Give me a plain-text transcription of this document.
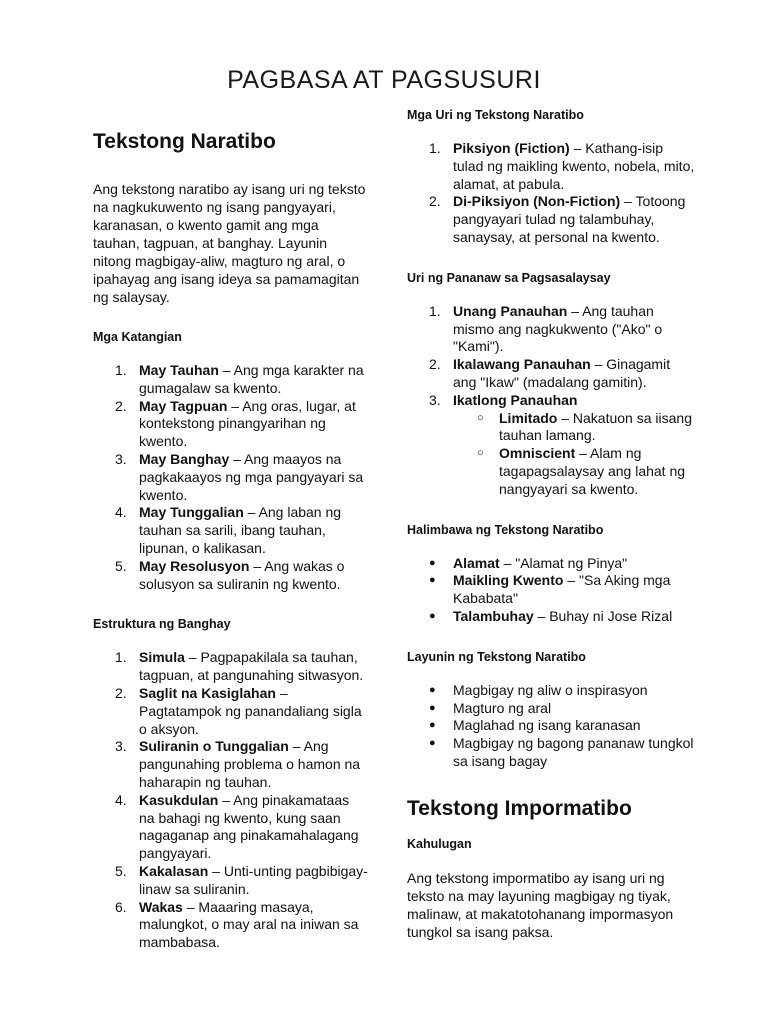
PAGBASA AT PAGSUSURI
Tekstong Naratibo

Ang tekstong naratibo ay isang uri ng teksto na nagkukuwento ng isang pangyayari, karanasan, o kwento gamit ang mga tauhan, tagpuan, at banghay. Layunin nitong magbigay-aliw, magturo ng aral, o ipahayag ang isang ideya sa pamamagitan ng salaysay.

Mga Katangian
1. May Tauhan – Ang mga karakter na gumagalaw sa kwento.
2. May Tagpuan – Ang oras, lugar, at kontekstong pinangyarihan ng kwento.
3. May Banghay – Ang maayos na pagkakaayos ng mga pangyayari sa kwento.
4. May Tunggalian – Ang laban ng tauhan sa sarili, ibang tauhan, lipunan, o kalikasan.
5. May Resolusyon – Ang wakas o solusyon sa suliranin ng kwento.
Estruktura ng Banghay
1. Simula – Pagpapakilala sa tauhan, tagpuan, at pangunahing sitwasyon.
2. Saglit na Kasiglahan – Pagtatampok ng panandaliang sigla o aksyon.
3. Suliranin o Tunggalian – Ang pangunahing problema o hamon na haharapin ng tauhan.
4. Kasukdulan – Ang pinakamataas na bahagi ng kwento, kung saan nagaganap ang pinakamahalagang pangyayari.
5. Kakalasan – Unti-unting pagbibigay-linaw sa suliranin.
6. Wakas – Maaaring masaya, malungkot, o may aral na iniwan sa mambabasa.
Mga Uri ng Tekstong Naratibo
1. Piksiyon (Fiction) – Kathang-isip tulad ng maikling kwento, nobela, mito, alamat, at pabula.
2. Di-Piksiyon (Non-Fiction) – Totoong pangyayari tulad ng talambuhay, sanaysay, at personal na kwento.
Uri ng Pananaw sa Pagsasalaysay
1. Unang Panauhan – Ang tauhan mismo ang nagkukwento ("Ako" o "Kami").
2. Ikalawang Panauhan – Ginagamit ang "Ikaw" (madalang gamitin).
3. Ikatlong Panauhan
○	Limitado – Nakatuon sa iisang tauhan lamang.
○	Omniscient – Alam ng tagapagsalaysay ang lahat ng nangyayari sa kwento.
Halimbawa ng Tekstong Naratibo
●	Alamat – "Alamat ng Pinya"
●	Maikling Kwento – "Sa Aking mga Kababata"
●	Talambuhay – Buhay ni Jose Rizal
Layunin ng Tekstong Naratibo
●	Magbigay ng aliw o inspirasyon
●	Magturo ng aral
●	Maglahad ng isang karanasan
●	Magbigay ng bagong pananaw tungkol sa isang bagay
Tekstong Impormatibo
Kahulugan

Ang tekstong impormatibo ay isang uri ng teksto na may layuning magbigay ng tiyak, malinaw, at makatotohanang impormasyon tungkol sa isang paksa.
